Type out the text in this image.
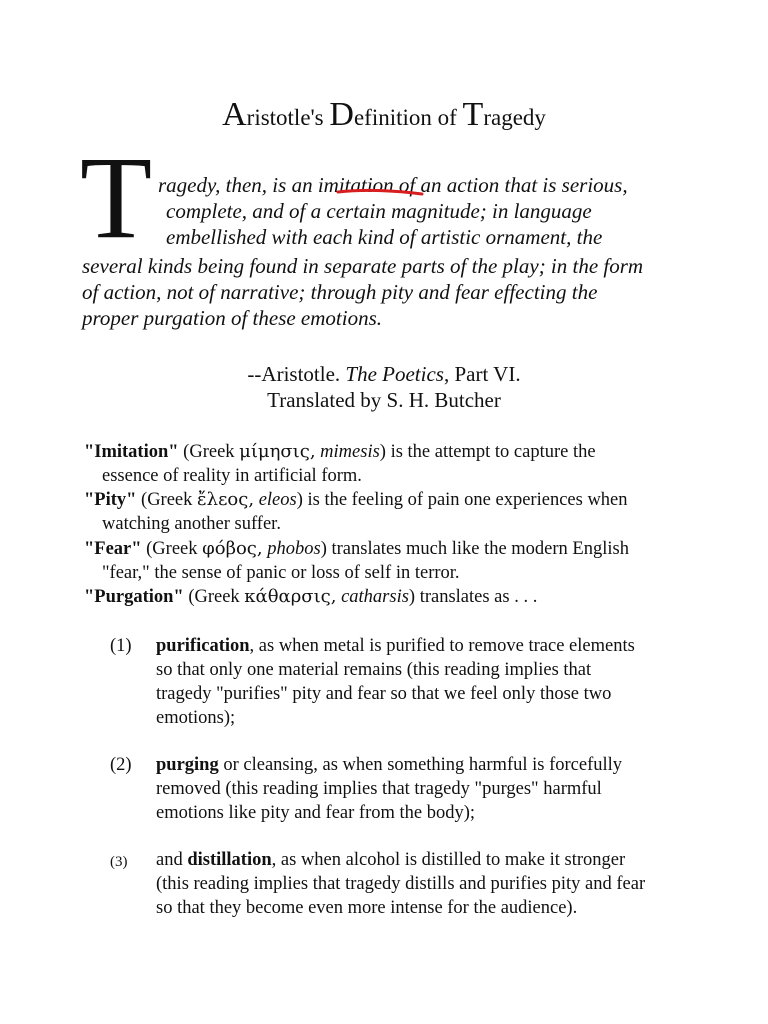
Aristotle's Definition of Tragedy
T ragedy, then, is an imitation of an action that is serious,
complete, and of a certain magnitude; in language
embellished with each kind of artistic ornament, the
several kinds being found in separate parts of the play; in the form
of action, not of narrative; through pity and fear effecting the
proper purgation of these emotions.
--Aristotle. The Poetics, Part VI.
Translated by S. H. Butcher
"Imitation" (Greek μίμησις, mimesis) is the attempt to capture the
essence of reality in artificial form.
"Pity" (Greek ἔλεος, eleos) is the feeling of pain one experiences when
watching another suffer.
"Fear" (Greek φόβος, phobos) translates much like the modern English
"fear," the sense of panic or loss of self in terror.
"Purgation" (Greek κάθαρσις, catharsis) translates as . . .
(1) purification, as when metal is purified to remove trace elements
so that only one material remains (this reading implies that
tragedy "purifies" pity and fear so that we feel only those two
emotions);
(2) purging or cleansing, as when something harmful is forcefully
removed (this reading implies that tragedy "purges" harmful
emotions like pity and fear from the body);
(3) and distillation, as when alcohol is distilled to make it stronger
(this reading implies that tragedy distills and purifies pity and fear
so that they become even more intense for the audience).
